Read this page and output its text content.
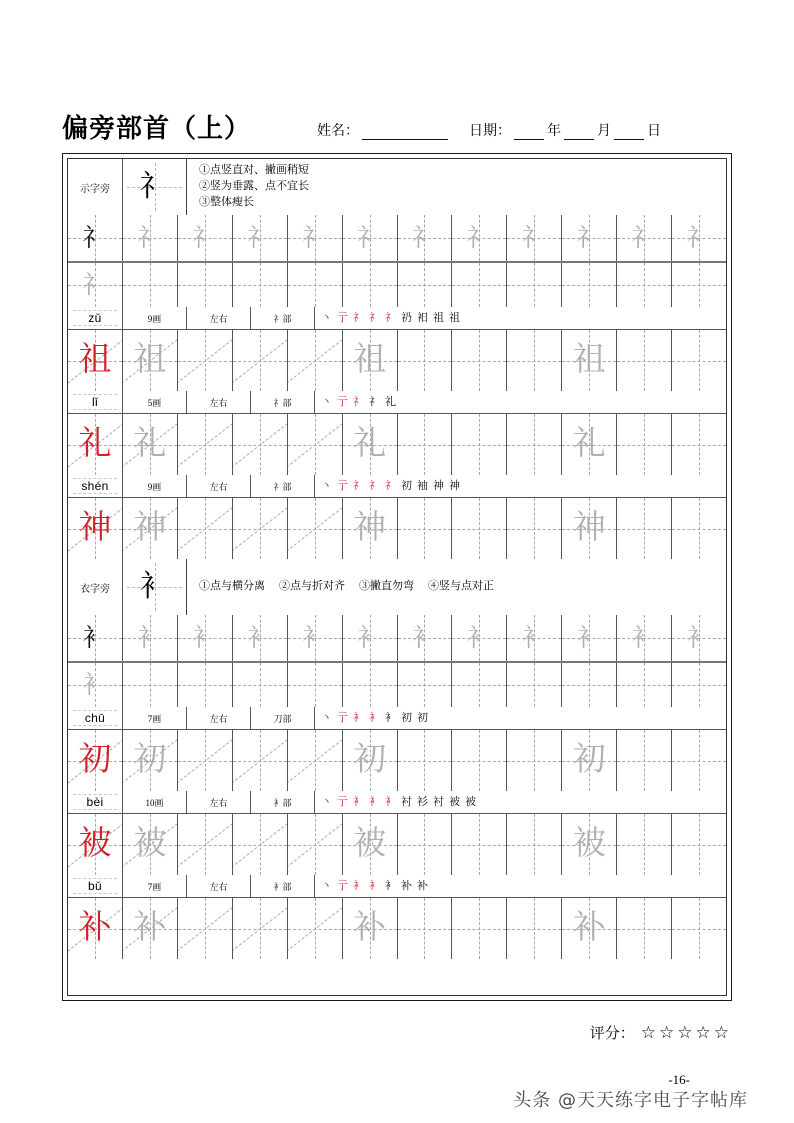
偏旁部首（上）	姓名：	日期：	年	月	日
示字旁 礻	①点竖直对、撇画稍短
②竖为垂露、点不宜长
③整体瘦长
礻 礻 礻 礻 礻 礻 礻 礻 礻 礻 礻 礻
礻
zǔ	9画	左右	礻部	丶 亍 礻 礻 礻 礽 衵 祖 祖
祖 祖	祖	祖
lǐ	5画	左右	礻部	丶 亍 礻 礻 礼
礼 礼	礼	礼
shén	9画	左右	礻部	丶 亍 礻 礻 礻 初 袖 神 神
神 神	神	神
衣字旁 衤	①点与横分离 ②点与折对齐 ③撇直勿弯 ④竖与点对正
衤 衤 衤 衤 衤 衤 衤 衤 衤 衤 衤 衤
衤
chū	7画	左右	刀部	丶 亍 衤 衤 衤 初 初
初 初	初	初
bèi	10画	左右	衤部	丶 亍 衤 衤 衤 衬 衫 衬 被 被
被 被	被	被
bǔ	7画	左右	衤部	丶 亍 衤 衤 衤 补 补
补 补	补	补
评分： ☆☆☆☆☆
-16-
头条 @天天练字电子字帖库
